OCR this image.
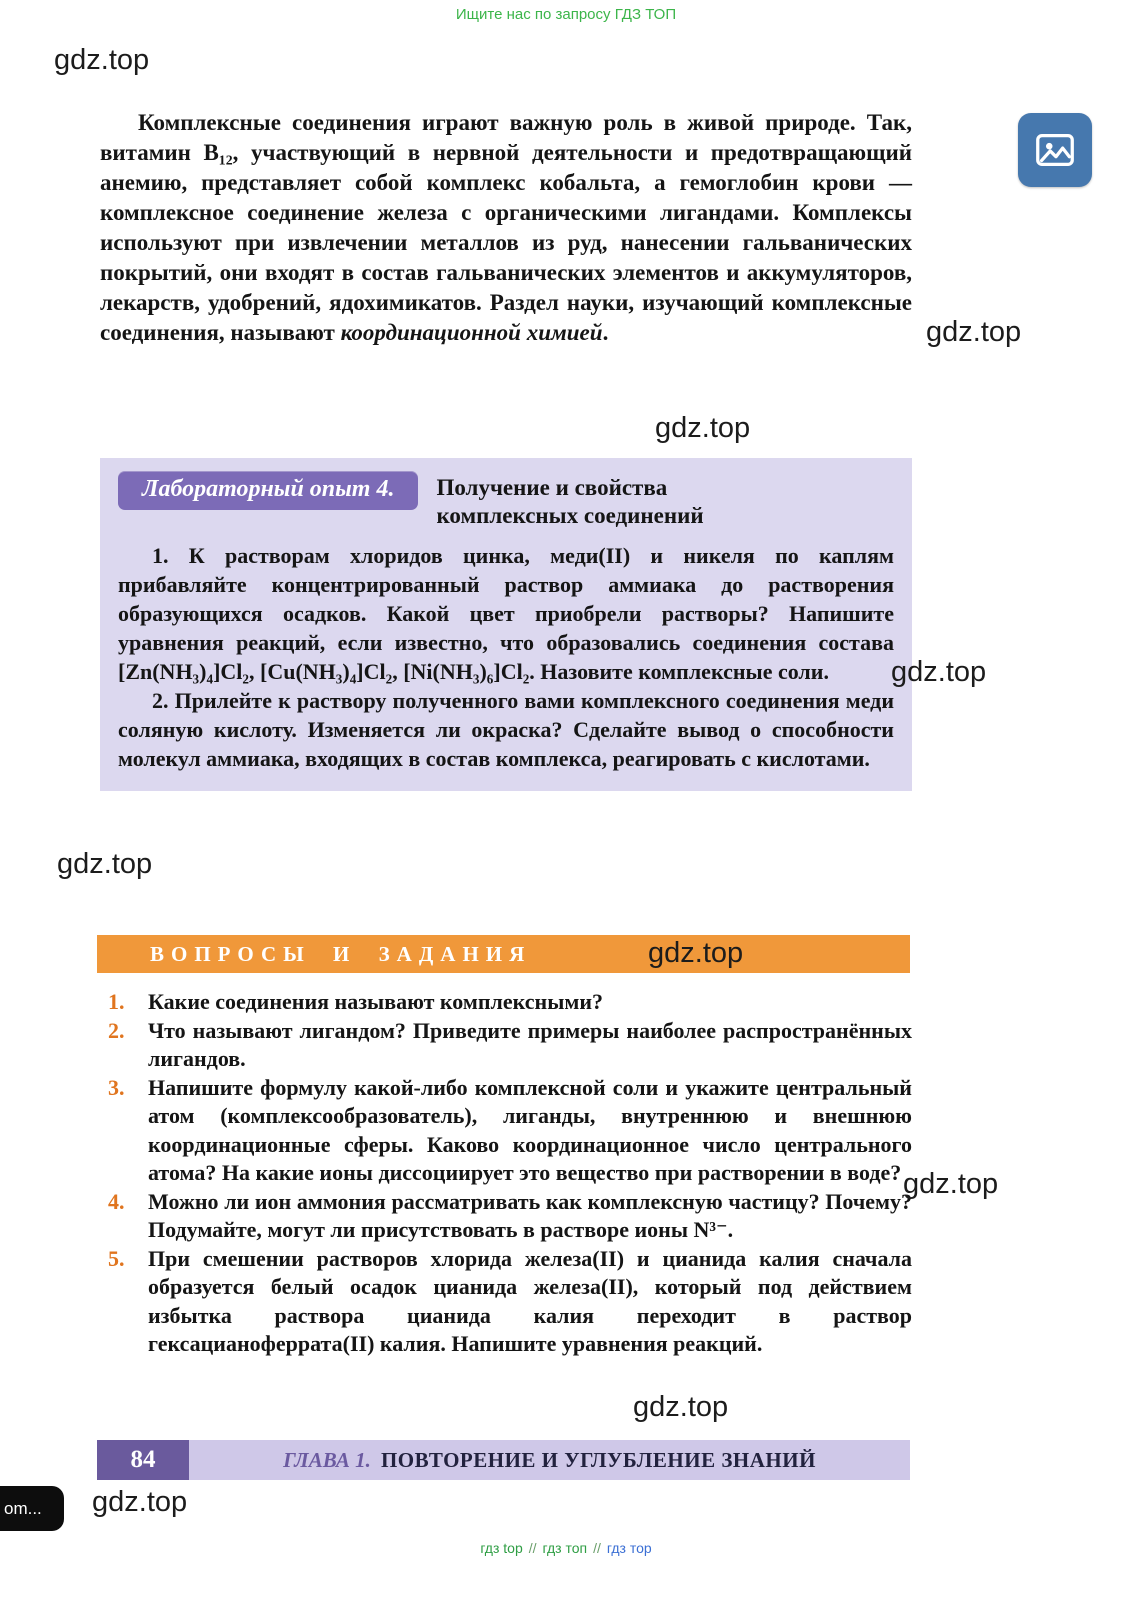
Ищите нас по запросу ГДЗ ТОП
gdz.top
gdz.top
gdz.top
gdz.top
gdz.top
gdz.top
gdz.top
gdz.top
gdz.top

Комплексные соединения играют важную роль в живой природе. Так, витамин B₁₂, участвующий в нервной деятельности и предотвращающий анемию, представляет собой комплекс кобальта, а гемоглобин крови — комплексное соединение железа с органическими лигандами. Комплексы используют при извлечении металлов из руд, нанесении гальванических покрытий, они входят в состав гальванических элементов и аккумуляторов, лекарств, удобрений, ядохимикатов. Раздел науки, изучающий комплексные соединения, называют координационной химией.

Лабораторный опыт 4.	Получение и свойства комплексных соединений

1. К растворам хлоридов цинка, меди(II) и никеля по каплям прибавляйте концентрированный раствор аммиака до растворения образующихся осадков. Какой цвет приобрели растворы? Напишите уравнения реакций, если известно, что образовались соединения состава [Zn(NH₃)₄]Cl₂, [Cu(NH₃)₄]Cl₂, [Ni(NH₃)₆]Cl₂. Назовите комплексные соли.

2. Прилейте к раствору полученного вами комплексного соединения меди соляную кислоту. Изменяется ли окраска? Сделайте вывод о способности молекул аммиака, входящих в состав комплекса, реагировать с кислотами.

ВОПРОСЫ И ЗАДАНИЯ
1.	Какие соединения называют комплексными?
2.	Что называют лигандом? Приведите примеры наиболее распространённых лигандов.
3.	Напишите формулу какой-либо комплексной соли и укажите центральный атом (комплексообразователь), лиганды, внутреннюю и внешнюю координационные сферы. Каково координационное число центрального атома? На какие ионы диссоциирует это вещество при растворении в воде?
4.	Можно ли ион аммония рассматривать как комплексную частицу? Почему? Подумайте, могут ли присутствовать в растворе ионы N³⁻.
5.	При смешении растворов хлорида железа(II) и цианида калия сначала образуется белый осадок цианида железа(II), который под действием избытка раствора цианида калия переходит в раствор гексацианоферрата(II) калия. Напишите уравнения реакций.
84	ГЛАВА 1. ПОВТОРЕНИЕ И УГЛУБЛЕНИЕ ЗНАНИЙ
om...
гдз top // гдз топ // гдз тор
